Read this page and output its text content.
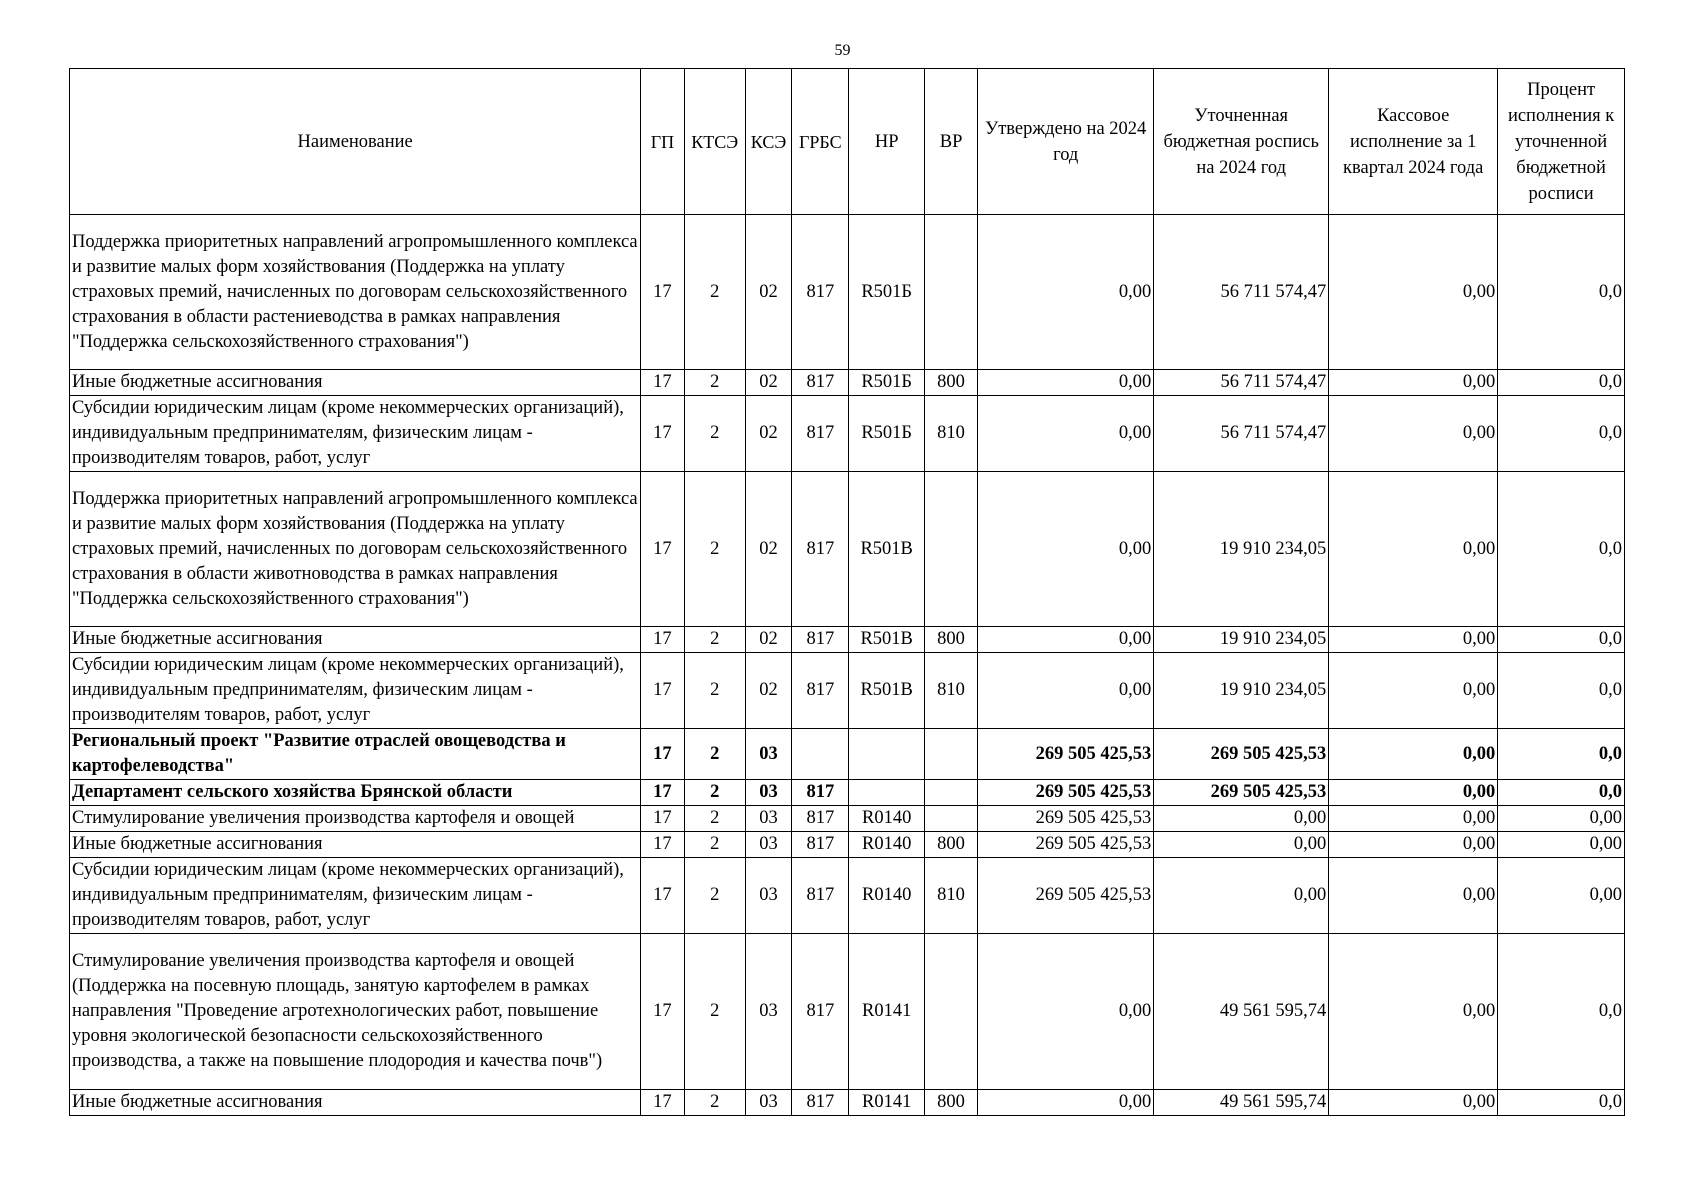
59
Наименование	ГП	КТСЭ	КСЭ	ГРБС	НР	ВР	Утверждено на 2024 год	Уточненная бюджетная роспись на 2024 год	Кассовое исполнение за 1 квартал 2024 года	Процент исполнения к уточненной бюджетной росписи
Поддержка приоритетных направлений агропромышленного комплекса и развитие малых форм хозяйствования (Поддержка на уплату страховых премий, начисленных по договорам сельскохозяйственного страхования в области растениеводства в рамках направления "Поддержка сельскохозяйственного страхования")	17	2	02	817	R501Б		0,00	56 711 574,47	0,00	0,0
Иные бюджетные ассигнования	17	2	02	817	R501Б	800	0,00	56 711 574,47	0,00	0,0
Субсидии юридическим лицам (кроме некоммерческих организаций), индивидуальным предпринимателям, физическим лицам - производителям товаров, работ, услуг	17	2	02	817	R501Б	810	0,00	56 711 574,47	0,00	0,0
Поддержка приоритетных направлений агропромышленного комплекса и развитие малых форм хозяйствования (Поддержка на уплату страховых премий, начисленных по договорам сельскохозяйственного страхования в области животноводства в рамках направления "Поддержка сельскохозяйственного страхования")	17	2	02	817	R501В		0,00	19 910 234,05	0,00	0,0
Иные бюджетные ассигнования	17	2	02	817	R501В	800	0,00	19 910 234,05	0,00	0,0
Субсидии юридическим лицам (кроме некоммерческих организаций), индивидуальным предпринимателям, физическим лицам - производителям товаров, работ, услуг	17	2	02	817	R501В	810	0,00	19 910 234,05	0,00	0,0
Региональный проект "Развитие отраслей овощеводства и картофелеводства"	17	2	03				269 505 425,53	269 505 425,53	0,00	0,0
Департамент сельского хозяйства Брянской области	17	2	03	817			269 505 425,53	269 505 425,53	0,00	0,0
Стимулирование увеличения производства картофеля и овощей	17	2	03	817	R0140		269 505 425,53	0,00	0,00	0,00
Иные бюджетные ассигнования	17	2	03	817	R0140	800	269 505 425,53	0,00	0,00	0,00
Субсидии юридическим лицам (кроме некоммерческих организаций), индивидуальным предпринимателям, физическим лицам - производителям товаров, работ, услуг	17	2	03	817	R0140	810	269 505 425,53	0,00	0,00	0,00
Стимулирование увеличения производства картофеля и овощей (Поддержка на посевную площадь, занятую картофелем в рамках направления "Проведение агротехнологических работ, повышение уровня экологической безопасности сельскохозяйственного производства, а также на повышение плодородия и качества почв")	17	2	03	817	R0141		0,00	49 561 595,74	0,00	0,0
Иные бюджетные ассигнования	17	2	03	817	R0141	800	0,00	49 561 595,74	0,00	0,0
